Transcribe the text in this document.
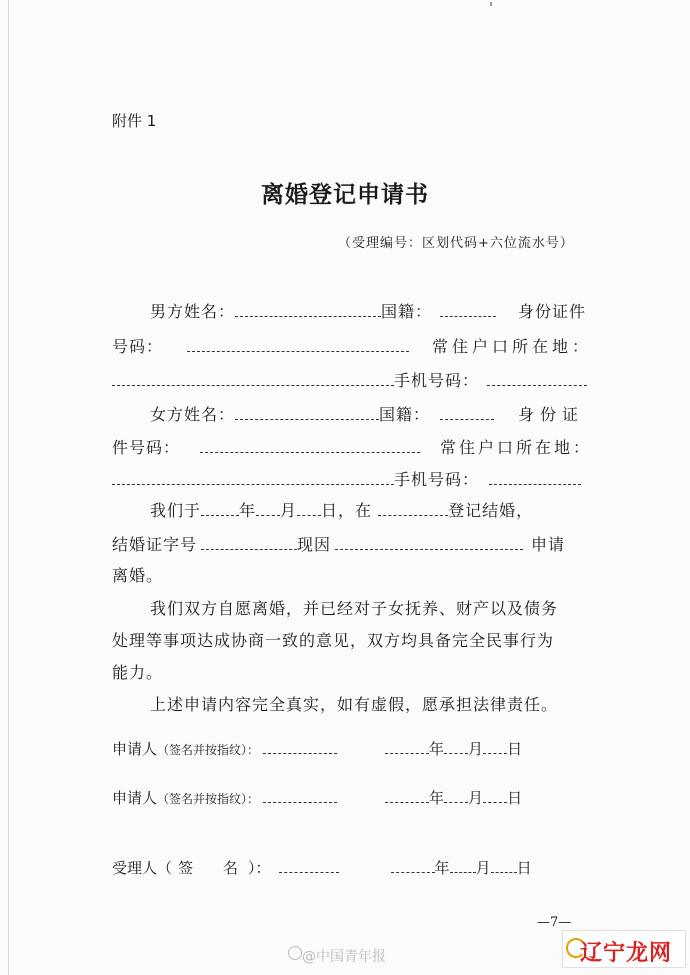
附件 1
离婚登记申请书
（受理编号：区划代码+六位流水号）
男方姓名：	国籍：	身份证件
号码：	常住户口所在地：
手机号码：
女方姓名：	国籍：	身份证
件号码：	常住户口所在地：
手机号码：
我们于 年 月 日，在	登记结婚，
结婚证字号	现因	申请
离婚。
我们双方自愿离婚，并已经对子女抚养、财产以及债务
处理等事项达成协商一致的意见，双方均具备完全民事行为
能力。
上述申请内容完全真实，如有虚假，愿承担法律责任。
申请人（签名并按指纹）：	年 月 日
申请人（签名并按指纹）：	年 月 日
受理人（ 签 名 ）：	年 月 日
—7—
@中国青年报	辽宁龙网
